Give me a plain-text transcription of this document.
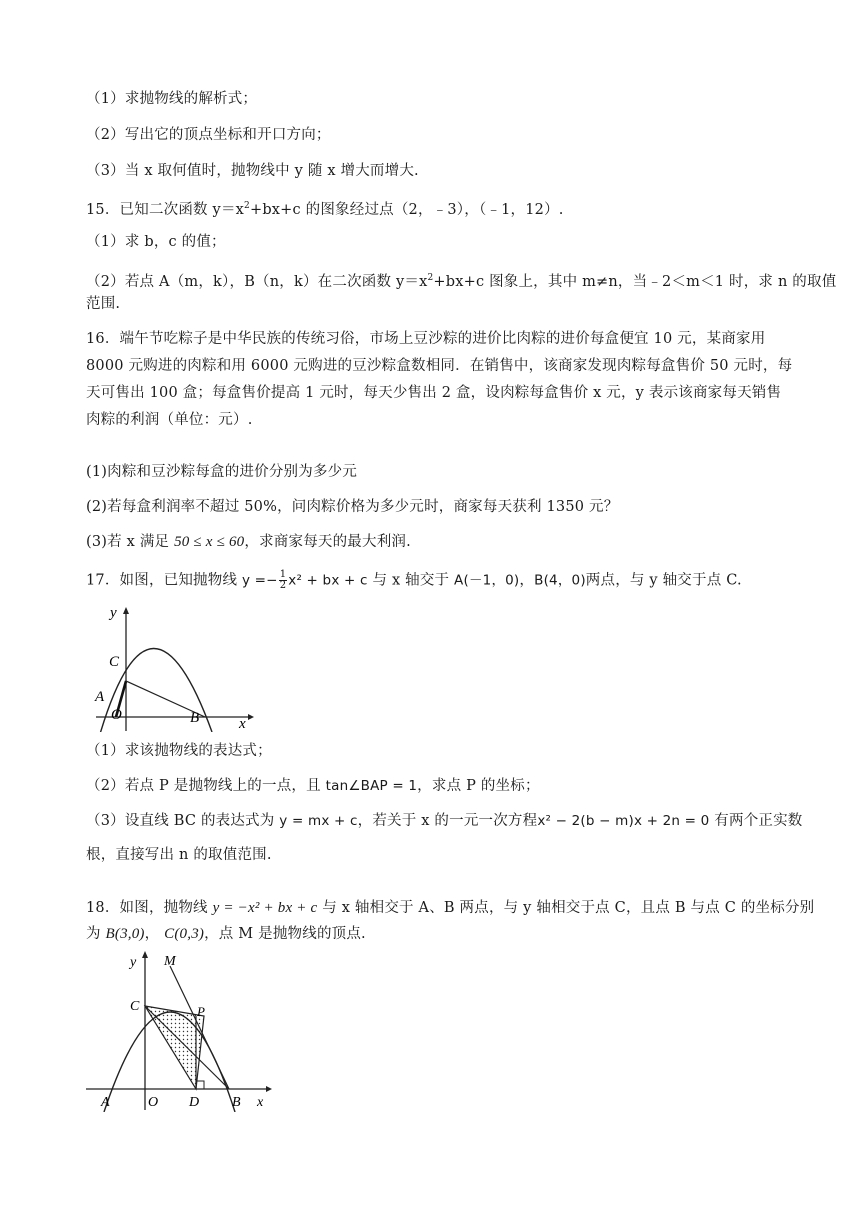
（1）求抛物线的解析式；
（2）写出它的顶点坐标和开口方向；
（3）当 x 取何值时，抛物线中 y 随 x 增大而增大.
15．已知二次函数 $y=x^2+bx+c$ 的图象经过点（2，﹣3），（﹣1，12）.
（1）求 b，c 的值；
（2）若点 A（m，k），B（n，k）在二次函数 $y=x^2+bx+c$ 图象上，其中 m≠n，当﹣2＜m＜1 时，求 n 的取值
范围.
16．端午节吃粽子是中华民族的传统习俗，市场上豆沙粽的进价比肉粽的进价每盒便宜 10 元，某商家用
8000 元购进的肉粽和用 6000 元购进的豆沙粽盒数相同．在销售中，该商家发现肉粽每盒售价 50 元时，每
天可售出 100 盒；每盒售价提高 1 元时，每天少售出 2 盒，设肉粽每盒售价 x 元，y 表示该商家每天销售
肉粽的利润（单位：元）.
(1)肉粽和豆沙粽每盒的进价分别为多少元
(2)若每盒利润率不超过 50%，问肉粽价格为多少元时，商家每天获利 1350 元？
(3)若 x 满足 50 ≤ x ≤ 60，求商家每天的最大利润.
17．如图，已知抛物线 $y =- \frac{1}{2} x^2$ + bx + c 与 x 轴交于 A(－1，0)，B(4，0)两点，与 y 轴交于点 C.
y
x
C
A
O	B
（1）求该抛物线的表达式；
（2）若点 P 是抛物线上的一点，且 tan∠BAP = 1，求点 P 的坐标；
（3）设直线 BC 的表达式为 y = mx + c，若关于 x 的一元一次方程x² − 2(b − m)x + 2n = 0 有两个正实数
根，直接写出 n 的取值范围.
18．如图，抛物线 y = −x² + bx + c 与 x 轴相交于 A、B 两点，与 y 轴相交于点 C，且点 B 与点 C 的坐标分别
为 B(3,0)， C(0,3)，点 M 是抛物线的顶点.
y
x
M
C	P
A	O D B
